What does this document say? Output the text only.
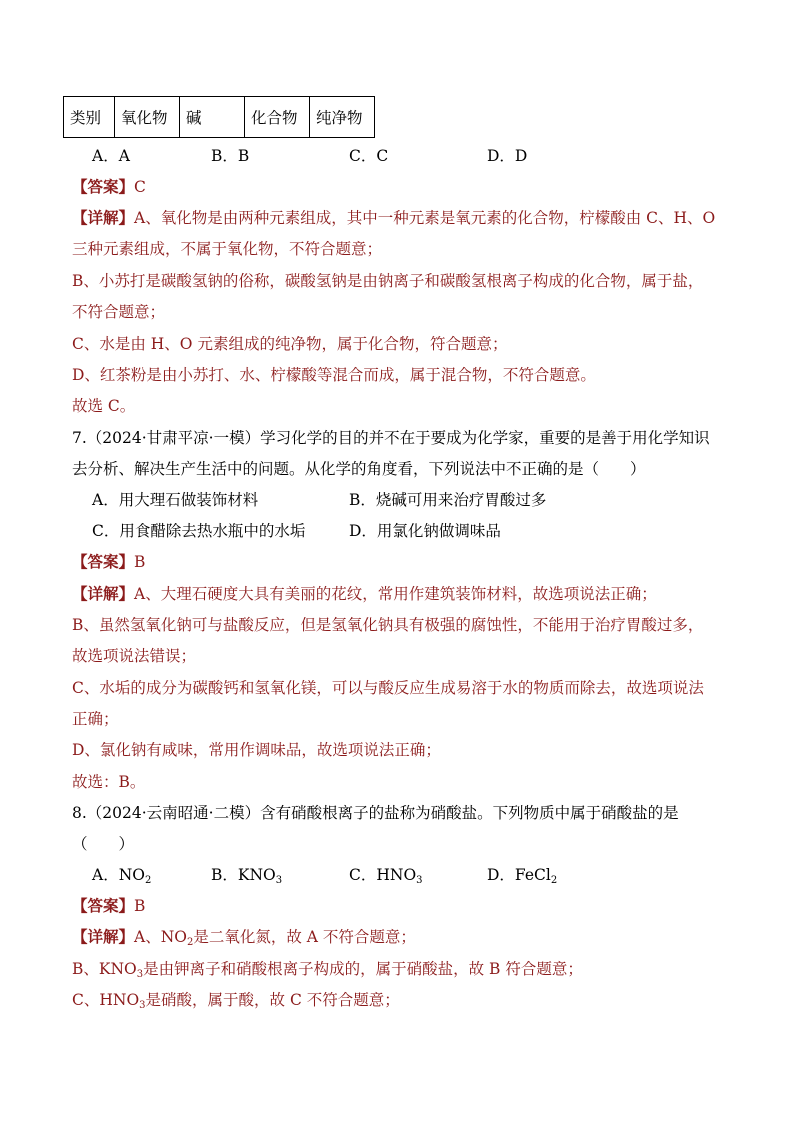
类别	氧化物	碱	化合物	纯净物
A．A	B．B	C．C	D．D
【答案】C
【详解】A、氧化物是由两种元素组成，其中一种元素是氧元素的化合物，柠檬酸由 C、H、O
三种元素组成，不属于氧化物，不符合题意；
B、小苏打是碳酸氢钠的俗称，碳酸氢钠是由钠离子和碳酸氢根离子构成的化合物，属于盐，
不符合题意；
C、水是由 H、O 元素组成的纯净物，属于化合物，符合题意；
D、红茶粉是由小苏打、水、柠檬酸等混合而成，属于混合物，不符合题意。
故选 C。
7.（2024·甘肃平凉·一模）学习化学的目的并不在于要成为化学家，重要的是善于用化学知识
去分析、解决生产生活中的问题。从化学的角度看，下列说法中不正确的是（　　）
A．用大理石做装饰材料	B．烧碱可用来治疗胃酸过多
C．用食醋除去热水瓶中的水垢	D．用氯化钠做调味品
【答案】B
【详解】A、大理石硬度大具有美丽的花纹，常用作建筑装饰材料，故选项说法正确；
B、虽然氢氧化钠可与盐酸反应，但是氢氧化钠具有极强的腐蚀性，不能用于治疗胃酸过多，
故选项说法错误；
C、水垢的成分为碳酸钙和氢氧化镁，可以与酸反应生成易溶于水的物质而除去，故选项说法
正确；
D、氯化钠有咸味，常用作调味品，故选项说法正确；
故选：B。
8.（2024·云南昭通·二模）含有硝酸根离子的盐称为硝酸盐。下列物质中属于硝酸盐的是
（　　）
A．$NO_2$	B．$KNO_3$	C．$HNO_3$	D．FeCl$_2$
【答案】B
【详解】A、$NO_2$是二氧化氮，故 A 不符合题意；
B、$KNO_3$是由钾离子和硝酸根离子构成的，属于硝酸盐，故 B 符合题意；
C、$HNO_3$是硝酸，属于酸，故 C 不符合题意；
